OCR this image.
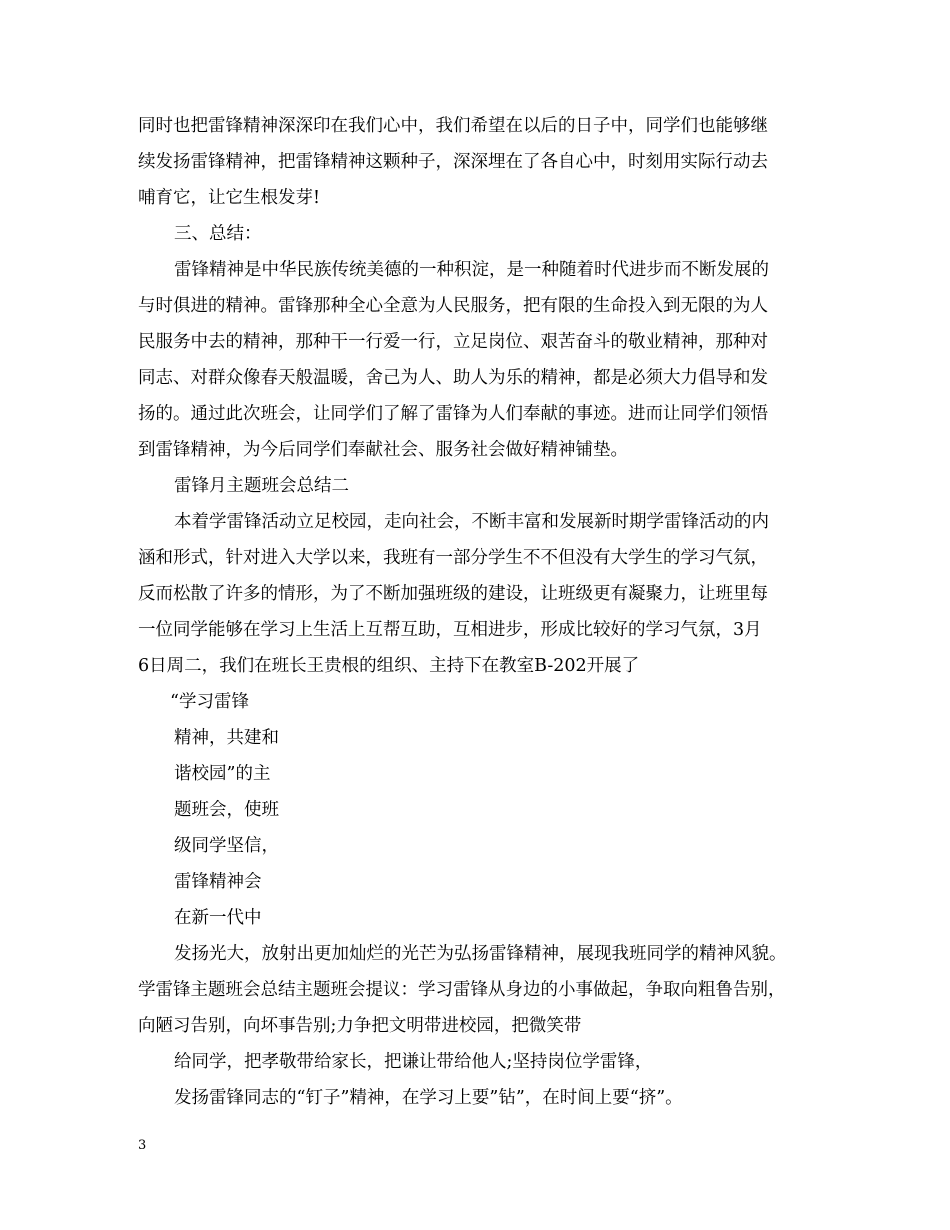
同时也把雷锋精神深深印在我们心中，我们希望在以后的日子中，同学们也能够继
续发扬雷锋精神，把雷锋精神这颗种子，深深埋在了各自心中，时刻用实际行动去
哺育它，让它生根发芽!
三、总结：
雷锋精神是中华民族传统美德的一种积淀，是一种随着时代进步而不断发展的
与时俱进的精神。雷锋那种全心全意为人民服务，把有限的生命投入到无限的为人
民服务中去的精神，那种干一行爱一行，立足岗位、艰苦奋斗的敬业精神，那种对
同志、对群众像春天般温暖，舍己为人、助人为乐的精神，都是必须大力倡导和发
扬的。通过此次班会，让同学们了解了雷锋为人们奉献的事迹。进而让同学们领悟
到雷锋精神，为今后同学们奉献社会、服务社会做好精神铺垫。
雷锋月主题班会总结二
本着学雷锋活动立足校园，走向社会，不断丰富和发展新时期学雷锋活动的内
涵和形式，针对进入大学以来，我班有一部分学生不不但没有大学生的学习气氛，
反而松散了许多的情形，为了不断加强班级的建设，让班级更有凝聚力，让班里每
一位同学能够在学习上生活上互帮互助，互相进步，形成比较好的学习气氛，3月
6日周二，我们在班长王贵根的组织、主持下在教室B-202开展了
“学习雷锋
精神，共建和
谐校园”的主
题班会，使班
级同学坚信，
雷锋精神会
在新一代中
发扬光大，放射出更加灿烂的光芒为弘扬雷锋精神，展现我班同学的精神风貌。
学雷锋主题班会总结主题班会提议：学习雷锋从身边的小事做起，争取向粗鲁告别，
向陋习告别，向坏事告别;力争把文明带进校园，把微笑带
给同学，把孝敬带给家长，把谦让带给他人;坚持岗位学雷锋，
发扬雷锋同志的“钉子”精神，在学习上要”钻”，在时间上要“挤”。
3
